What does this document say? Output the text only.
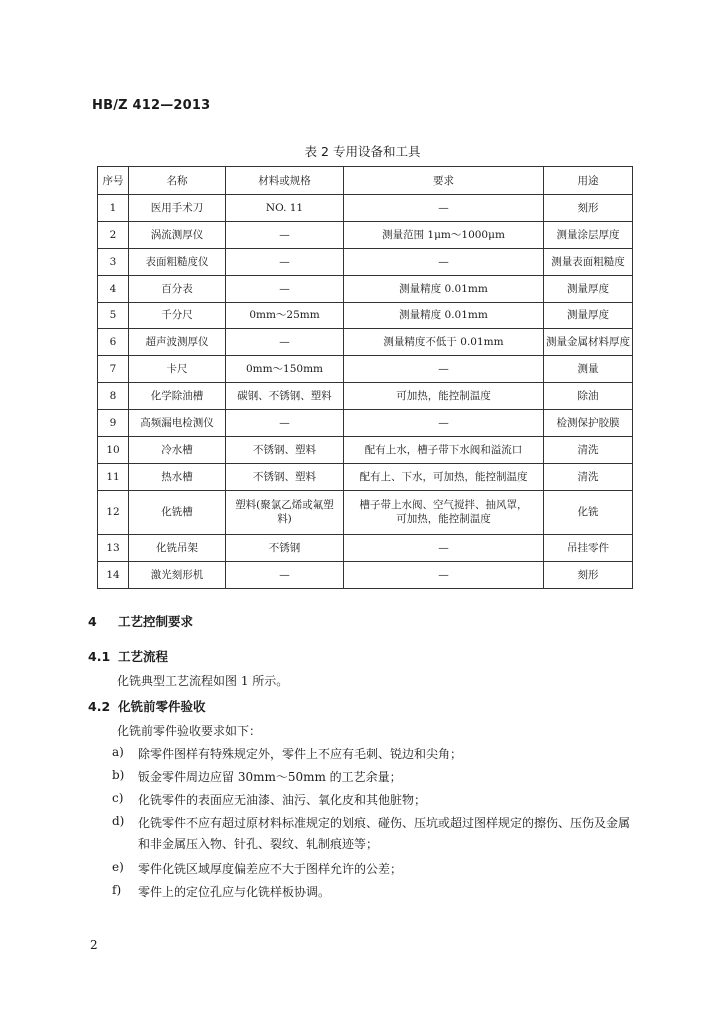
HB/Z 412—2013
表 2 专用设备和工具
序号	名称	材料或规格	要求	用途
1	医用手术刀	NO. 11	—	刻形
2	涡流测厚仪	—	测量范围 1μm～1000μm	测量涂层厚度
3	表面粗糙度仪	—	—	测量表面粗糙度
4	百分表	—	测量精度 0.01mm	测量厚度
5	千分尺	0mm～25mm	测量精度 0.01mm	测量厚度
6	超声波测厚仪	—	测量精度不低于 0.01mm	测量金属材料厚度
7	卡尺	0mm～150mm	—	测量
8	化学除油槽	碳钢、不锈钢、塑料	可加热，能控制温度	除油
9	高频漏电检测仪	—	—	检测保护胶膜
10	冷水槽	不锈钢、塑料	配有上水，槽子带下水阀和溢流口	清洗
11	热水槽	不锈钢、塑料	配有上、下水，可加热，能控制温度	清洗
12	化铣槽	塑料(聚氯乙烯或氟塑料)	槽子带上水阀、空气搅拌、抽风罩，
可加热，能控制温度	化铣
13	化铣吊架	不锈钢	—	吊挂零件
14	激光刻形机	—	—	刻形
4 工艺控制要求
4.1 工艺流程
化铣典型工艺流程如图 1 所示。
4.2 化铣前零件验收
化铣前零件验收要求如下：
a) 除零件图样有特殊规定外，零件上不应有毛刺、锐边和尖角；
b) 钣金零件周边应留 30mm～50mm 的工艺余量；
c) 化铣零件的表面应无油漆、油污、氧化皮和其他脏物；
d) 化铣零件不应有超过原材料标准规定的划痕、碰伤、压坑或超过图样规定的擦伤、压伤及金属
和非金属压入物、针孔、裂纹、轧制痕迹等；
e) 零件化铣区域厚度偏差应不大于图样允许的公差；
f) 零件上的定位孔应与化铣样板协调。
2
